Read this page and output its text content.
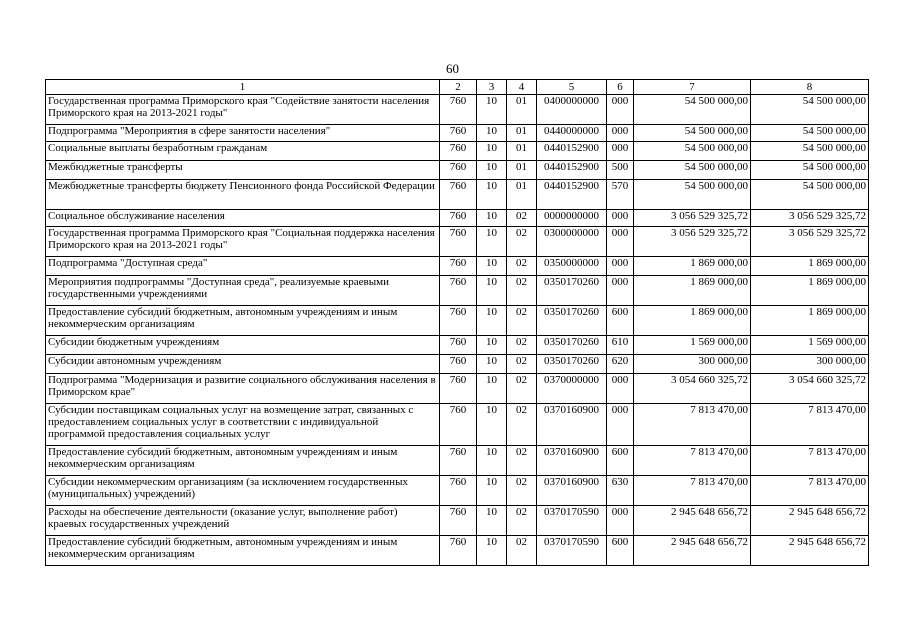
60
1	2	3	4	5	6	7	8
Государственная программа Приморского края "Содействие занятости населения Приморского края на 2013-2021 годы"	760	10	01	0400000000	000	54 500 000,00	54 500 000,00
Подпрограмма "Мероприятия в сфере занятости населения"	760	10	01	0440000000	000	54 500 000,00	54 500 000,00
Социальные выплаты безработным гражданам	760	10	01	0440152900	000	54 500 000,00	54 500 000,00
Межбюджетные трансферты	760	10	01	0440152900	500	54 500 000,00	54 500 000,00
Межбюджетные трансферты бюджету Пенсионного фонда Российской Федерации	760	10	01	0440152900	570	54 500 000,00	54 500 000,00
Социальное обслуживание населения	760	10	02	0000000000	000	3 056 529 325,72	3 056 529 325,72
Государственная программа Приморского края "Социальная поддержка населения Приморского края на 2013-2021 годы"	760	10	02	0300000000	000	3 056 529 325,72	3 056 529 325,72
Подпрограмма "Доступная среда"	760	10	02	0350000000	000	1 869 000,00	1 869 000,00
Мероприятия подпрограммы "Доступная среда", реализуемые краевыми государственными учреждениями	760	10	02	0350170260	000	1 869 000,00	1 869 000,00
Предоставление субсидий бюджетным, автономным учреждениям и иным некоммерческим организациям	760	10	02	0350170260	600	1 869 000,00	1 869 000,00
Субсидии бюджетным учреждениям	760	10	02	0350170260	610	1 569 000,00	1 569 000,00
Субсидии автономным учреждениям	760	10	02	0350170260	620	300 000,00	300 000,00
Подпрограмма "Модернизация и развитие социального обслуживания населения в Приморском крае"	760	10	02	0370000000	000	3 054 660 325,72	3 054 660 325,72
Субсидии поставщикам социальных услуг на возмещение затрат, связанных с предоставлением социальных услуг в соответствии с индивидуальной программой предоставления социальных услуг	760	10	02	0370160900	000	7 813 470,00	7 813 470,00
Предоставление субсидий бюджетным, автономным учреждениям и иным некоммерческим организациям	760	10	02	0370160900	600	7 813 470,00	7 813 470,00
Субсидии некоммерческим организациям (за исключением государственных (муниципальных) учреждений)	760	10	02	0370160900	630	7 813 470,00	7 813 470,00
Расходы на обеспечение деятельности (оказание услуг, выполнение работ) краевых государственных учреждений	760	10	02	0370170590	000	2 945 648 656,72	2 945 648 656,72
Предоставление субсидий бюджетным, автономным учреждениям и иным некоммерческим организациям	760	10	02	0370170590	600	2 945 648 656,72	2 945 648 656,72
